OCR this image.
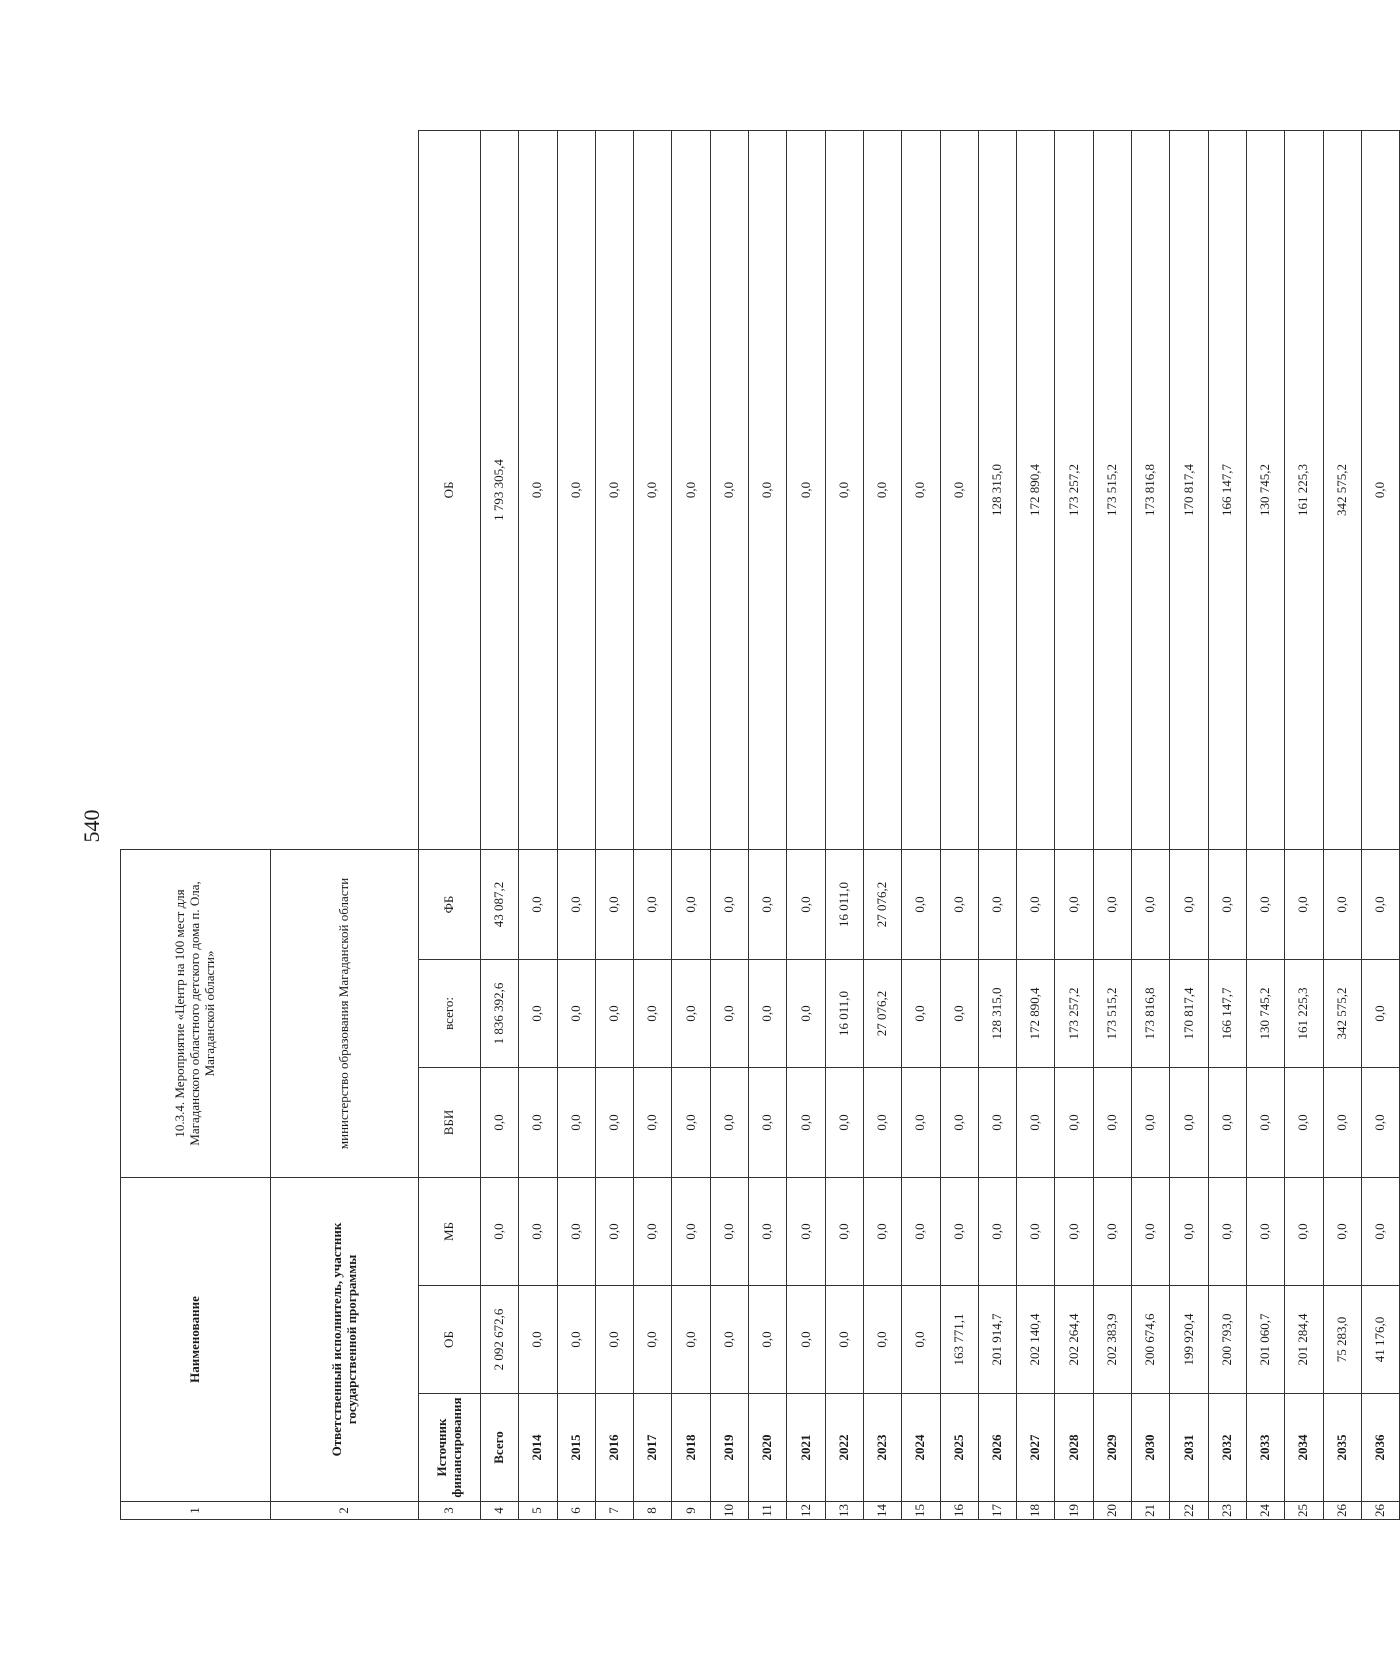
540
1	Наименование			10.3.4. Мероприятие «Центр на 100 мест для Магаданского областного детского дома п. Ола, Магаданской области»			
2	Ответственный исполнитель, участник государственной программы			министерство образования Магаданской области			
3	Источник финансирования	ОБ	МБ	ВБИ	всего:	ФБ	ОБ
4	Всего	2 092 672,6	0,0	0,0	1 836 392,6	43 087,2	1 793 305,4
5	2014	0,0	0,0	0,0	0,0	0,0	0,0
6	2015	0,0	0,0	0,0	0,0	0,0	0,0
7	2016	0,0	0,0	0,0	0,0	0,0	0,0
8	2017	0,0	0,0	0,0	0,0	0,0	0,0
9	2018	0,0	0,0	0,0	0,0	0,0	0,0
10	2019	0,0	0,0	0,0	0,0	0,0	0,0
11	2020	0,0	0,0	0,0	0,0	0,0	0,0
12	2021	0,0	0,0	0,0	0,0	0,0	0,0
13	2022	0,0	0,0	0,0	16 011,0	16 011,0	0,0
14	2023	0,0	0,0	0,0	27 076,2	27 076,2	0,0
15	2024	0,0	0,0	0,0	0,0	0,0	0,0
16	2025	163 771,1	0,0	0,0	0,0	0,0	0,0
17	2026	201 914,7	0,0	0,0	128 315,0	0,0	128 315,0
18	2027	202 140,4	0,0	0,0	172 890,4	0,0	172 890,4
19	2028	202 264,4	0,0	0,0	173 257,2	0,0	173 257,2
20	2029	202 383,9	0,0	0,0	173 515,2	0,0	173 515,2
21	2030	200 674,6	0,0	0,0	173 816,8	0,0	173 816,8
22	2031	199 920,4	0,0	0,0	170 817,4	0,0	170 817,4
23	2032	200 793,0	0,0	0,0	166 147,7	0,0	166 147,7
24	2033	201 060,7	0,0	0,0	130 745,2	0,0	130 745,2
25	2034	201 284,4	0,0	0,0	161 225,3	0,0	161 225,3
26	2035	75 283,0	0,0	0,0	342 575,2	0,0	342 575,2
26	2036	41 176,0	0,0	0,0	0,0	0,0	0,0
